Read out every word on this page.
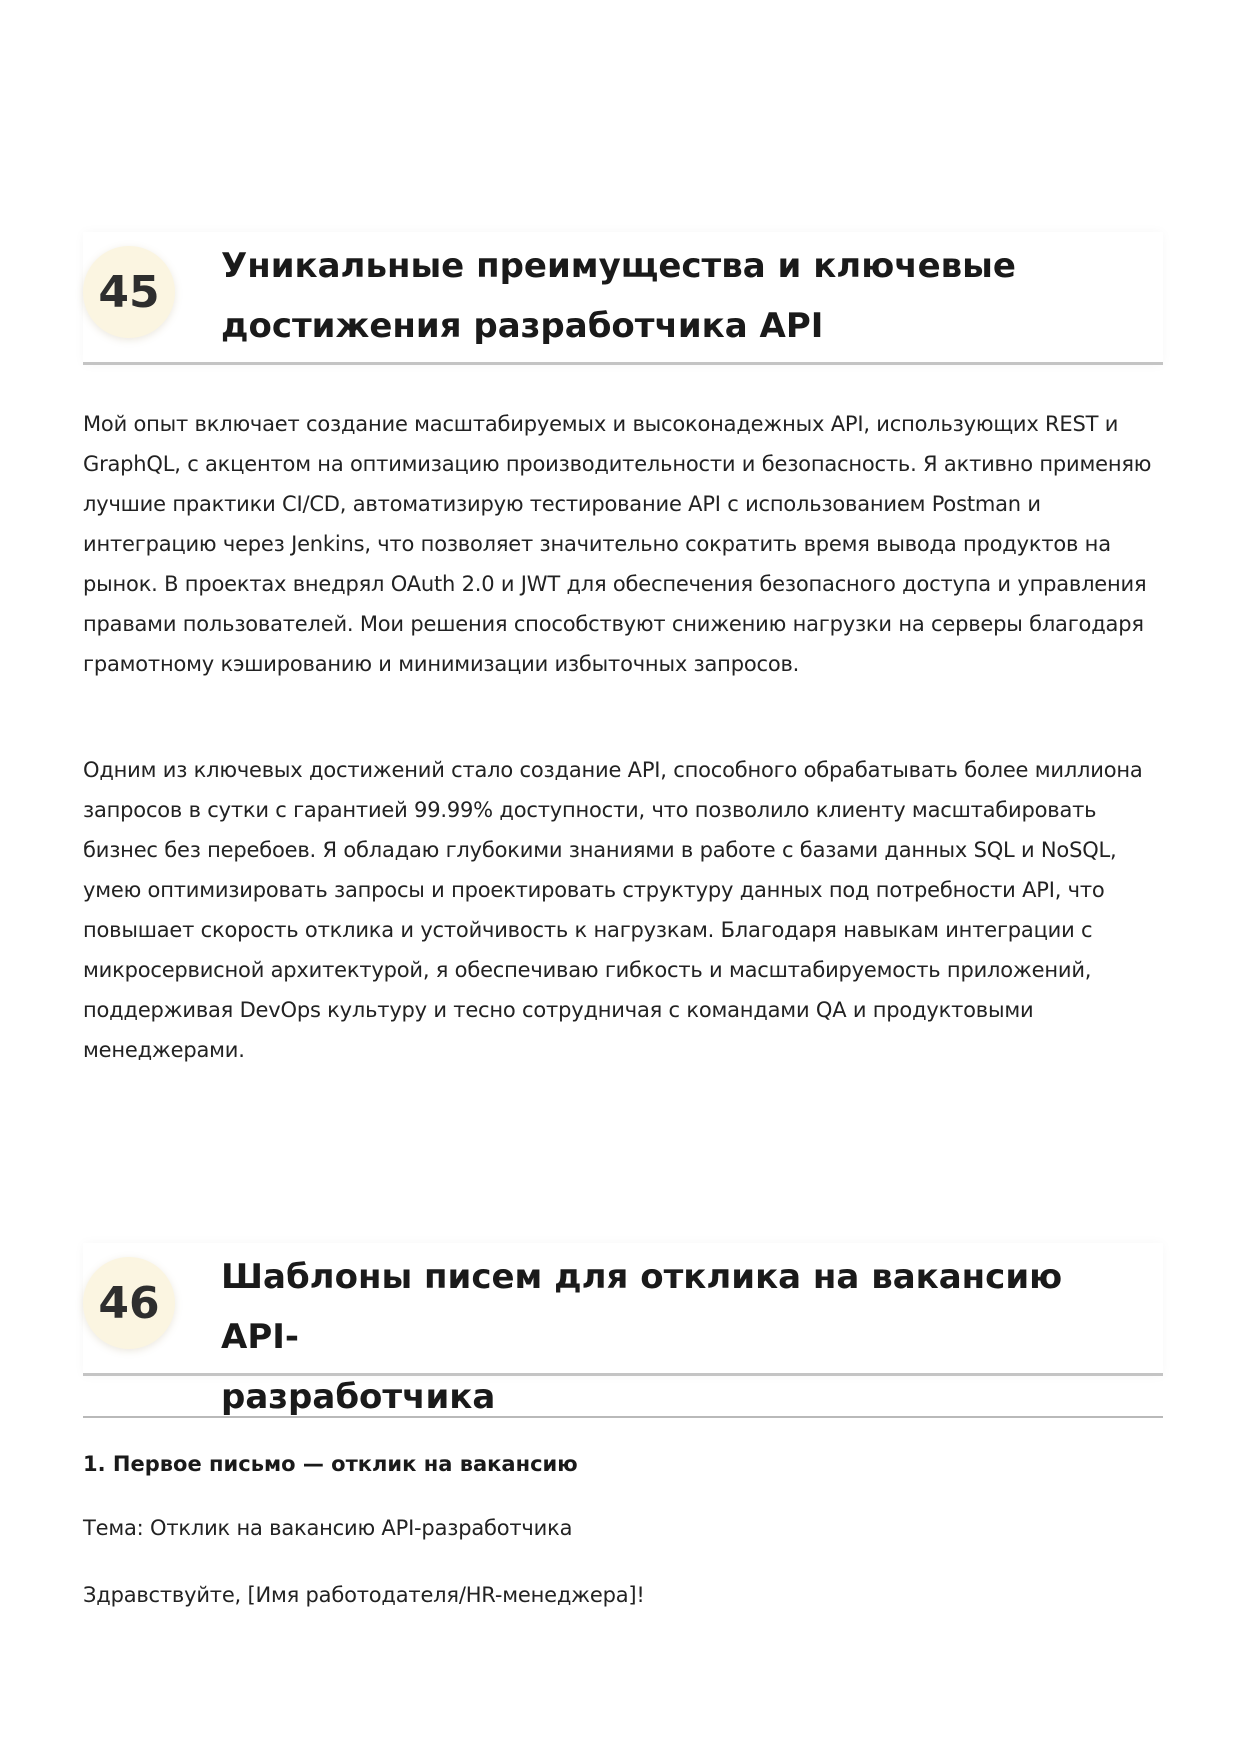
45
Уникальные преимущества и ключевые
достижения разработчика API

Мой опыт включает создание масштабируемых и высоконадежных API, использующих REST и GraphQL, с акцентом на оптимизацию производительности и безопасность. Я активно применяю лучшие практики CI/CD, автоматизирую тестирование API с использованием Postman и интеграцию через Jenkins, что позволяет значительно сократить время вывода продуктов на рынок. В проектах внедрял OAuth 2.0 и JWT для обеспечения безопасного доступа и управления правами пользователей. Мои решения способствуют снижению нагрузки на серверы благодаря грамотному кэшированию и минимизации избыточных запросов.

Одним из ключевых достижений стало создание API, способного обрабатывать более миллиона запросов в сутки с гарантией 99.99% доступности, что позволило клиенту масштабировать бизнес без перебоев. Я обладаю глубокими знаниями в работе с базами данных SQL и NoSQL, умею оптимизировать запросы и проектировать структуру данных под потребности API, что повышает скорость отклика и устойчивость к нагрузкам. Благодаря навыкам интеграции с микросервисной архитектурой, я обеспечиваю гибкость и масштабируемость приложений, поддерживая DevOps культуру и тесно сотрудничая с командами QA и продуктовыми менеджерами.

46
Шаблоны писем для отклика на вакансию API-
разработчика
1. Первое письмо — отклик на вакансию

Тема: Отклик на вакансию API-разработчика

Здравствуйте, [Имя работодателя/HR-менеджера]!
